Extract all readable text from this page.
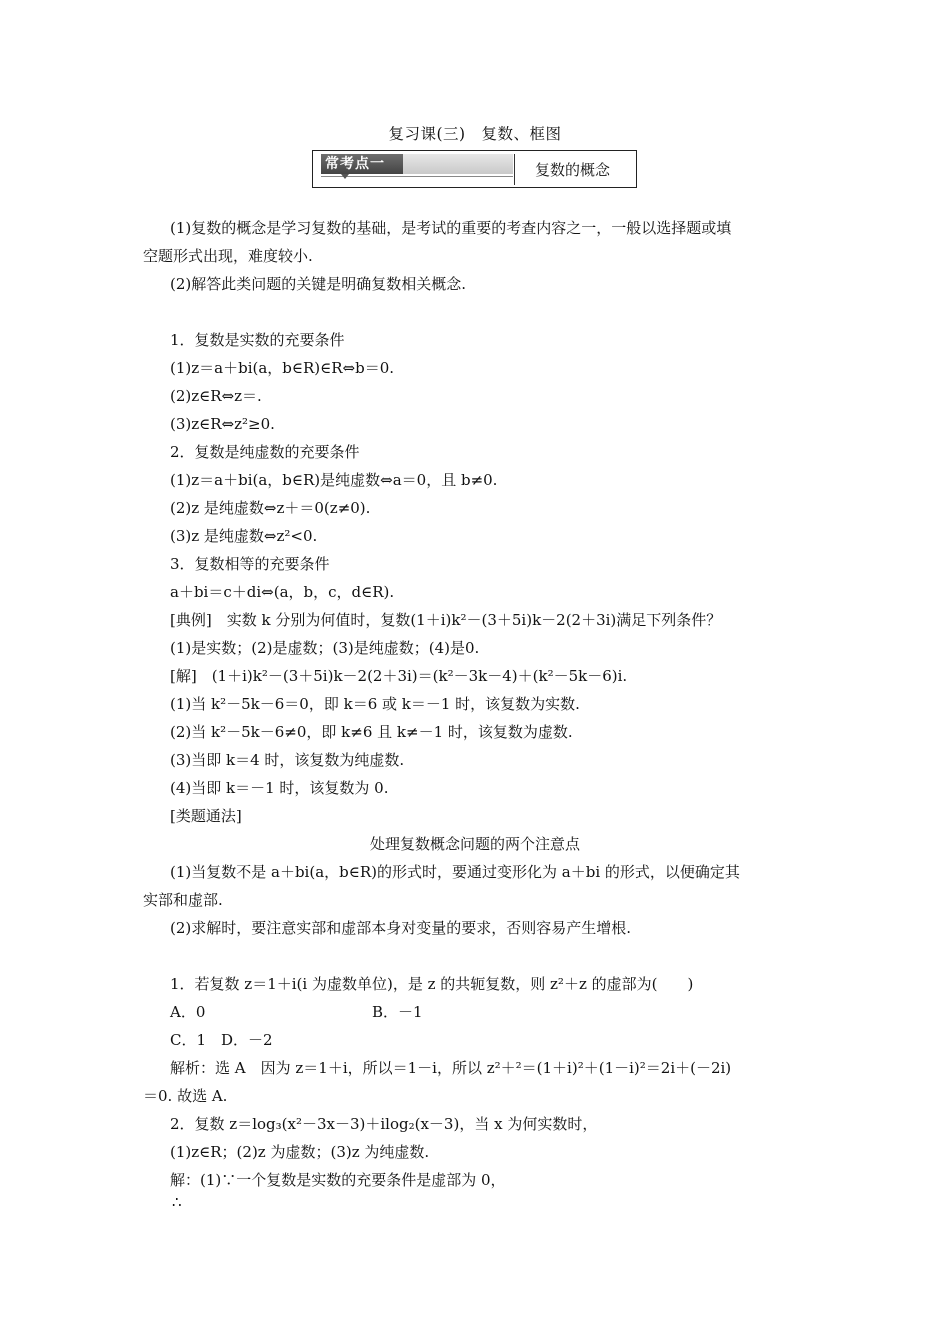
复习课(三)　复数、框图
常考点一	复数的概念
(1)复数的概念是学习复数的基础，是考试的重要的考查内容之一，一般以选择题或填
空题形式出现，难度较小.
(2)解答此类问题的关键是明确复数相关概念.
1．复数是实数的充要条件
(1)z＝a＋bi(a，b∈R)∈R⇔b＝0.
(2)z∈R⇔z＝.
(3)z∈R⇔z²≥0.
2．复数是纯虚数的充要条件
(1)z＝a＋bi(a，b∈R)是纯虚数⇔a＝0，且 b≠0.
(2)z 是纯虚数⇔z＋＝0(z≠0).
(3)z 是纯虚数⇔z²<0.
3．复数相等的充要条件
a＋bi＝c＋di⇔(a，b，c，d∈R).
[典例]　实数 k 分别为何值时，复数(1＋i)k²－(3＋5i)k－2(2＋3i)满足下列条件？
(1)是实数；(2)是虚数；(3)是纯虚数；(4)是0.
[解]　(1＋i)k²－(3＋5i)k－2(2＋3i)＝(k²－3k－4)＋(k²－5k－6)i.
(1)当 k²－5k－6＝0，即 k＝6 或 k＝－1 时，该复数为实数.
(2)当 k²－5k－6≠0，即 k≠6 且 k≠－1 时，该复数为虚数.
(3)当即 k＝4 时，该复数为纯虚数.
(4)当即 k＝－1 时，该复数为 0.
[类题通法]
(1)当复数不是 a＋bi(a，b∈R)的形式时，要通过变形化为 a＋bi 的形式，以便确定其
实部和虚部.
(2)求解时，要注意实部和虚部本身对变量的要求，否则容易产生增根.
1．若复数 z＝1＋i(i 为虚数单位)，是 z 的共轭复数，则 z²＋z 的虚部为(　　)
A．0	B．－1
C．1　D．－2
解析：选 A　因为 z＝1＋i，所以＝1－i，所以 z²＋²＝(1＋i)²＋(1－i)²＝2i＋(－2i)
＝0. 故选 A.
2．复数 z＝log₃(x²－3x－3)＋ilog₂(x－3)，当 x 为何实数时，
(1)z∈R；(2)z 为虚数；(3)z 为纯虚数.
解：(1)∵一个复数是实数的充要条件是虚部为 0，
∴
处理复数概念问题的两个注意点
